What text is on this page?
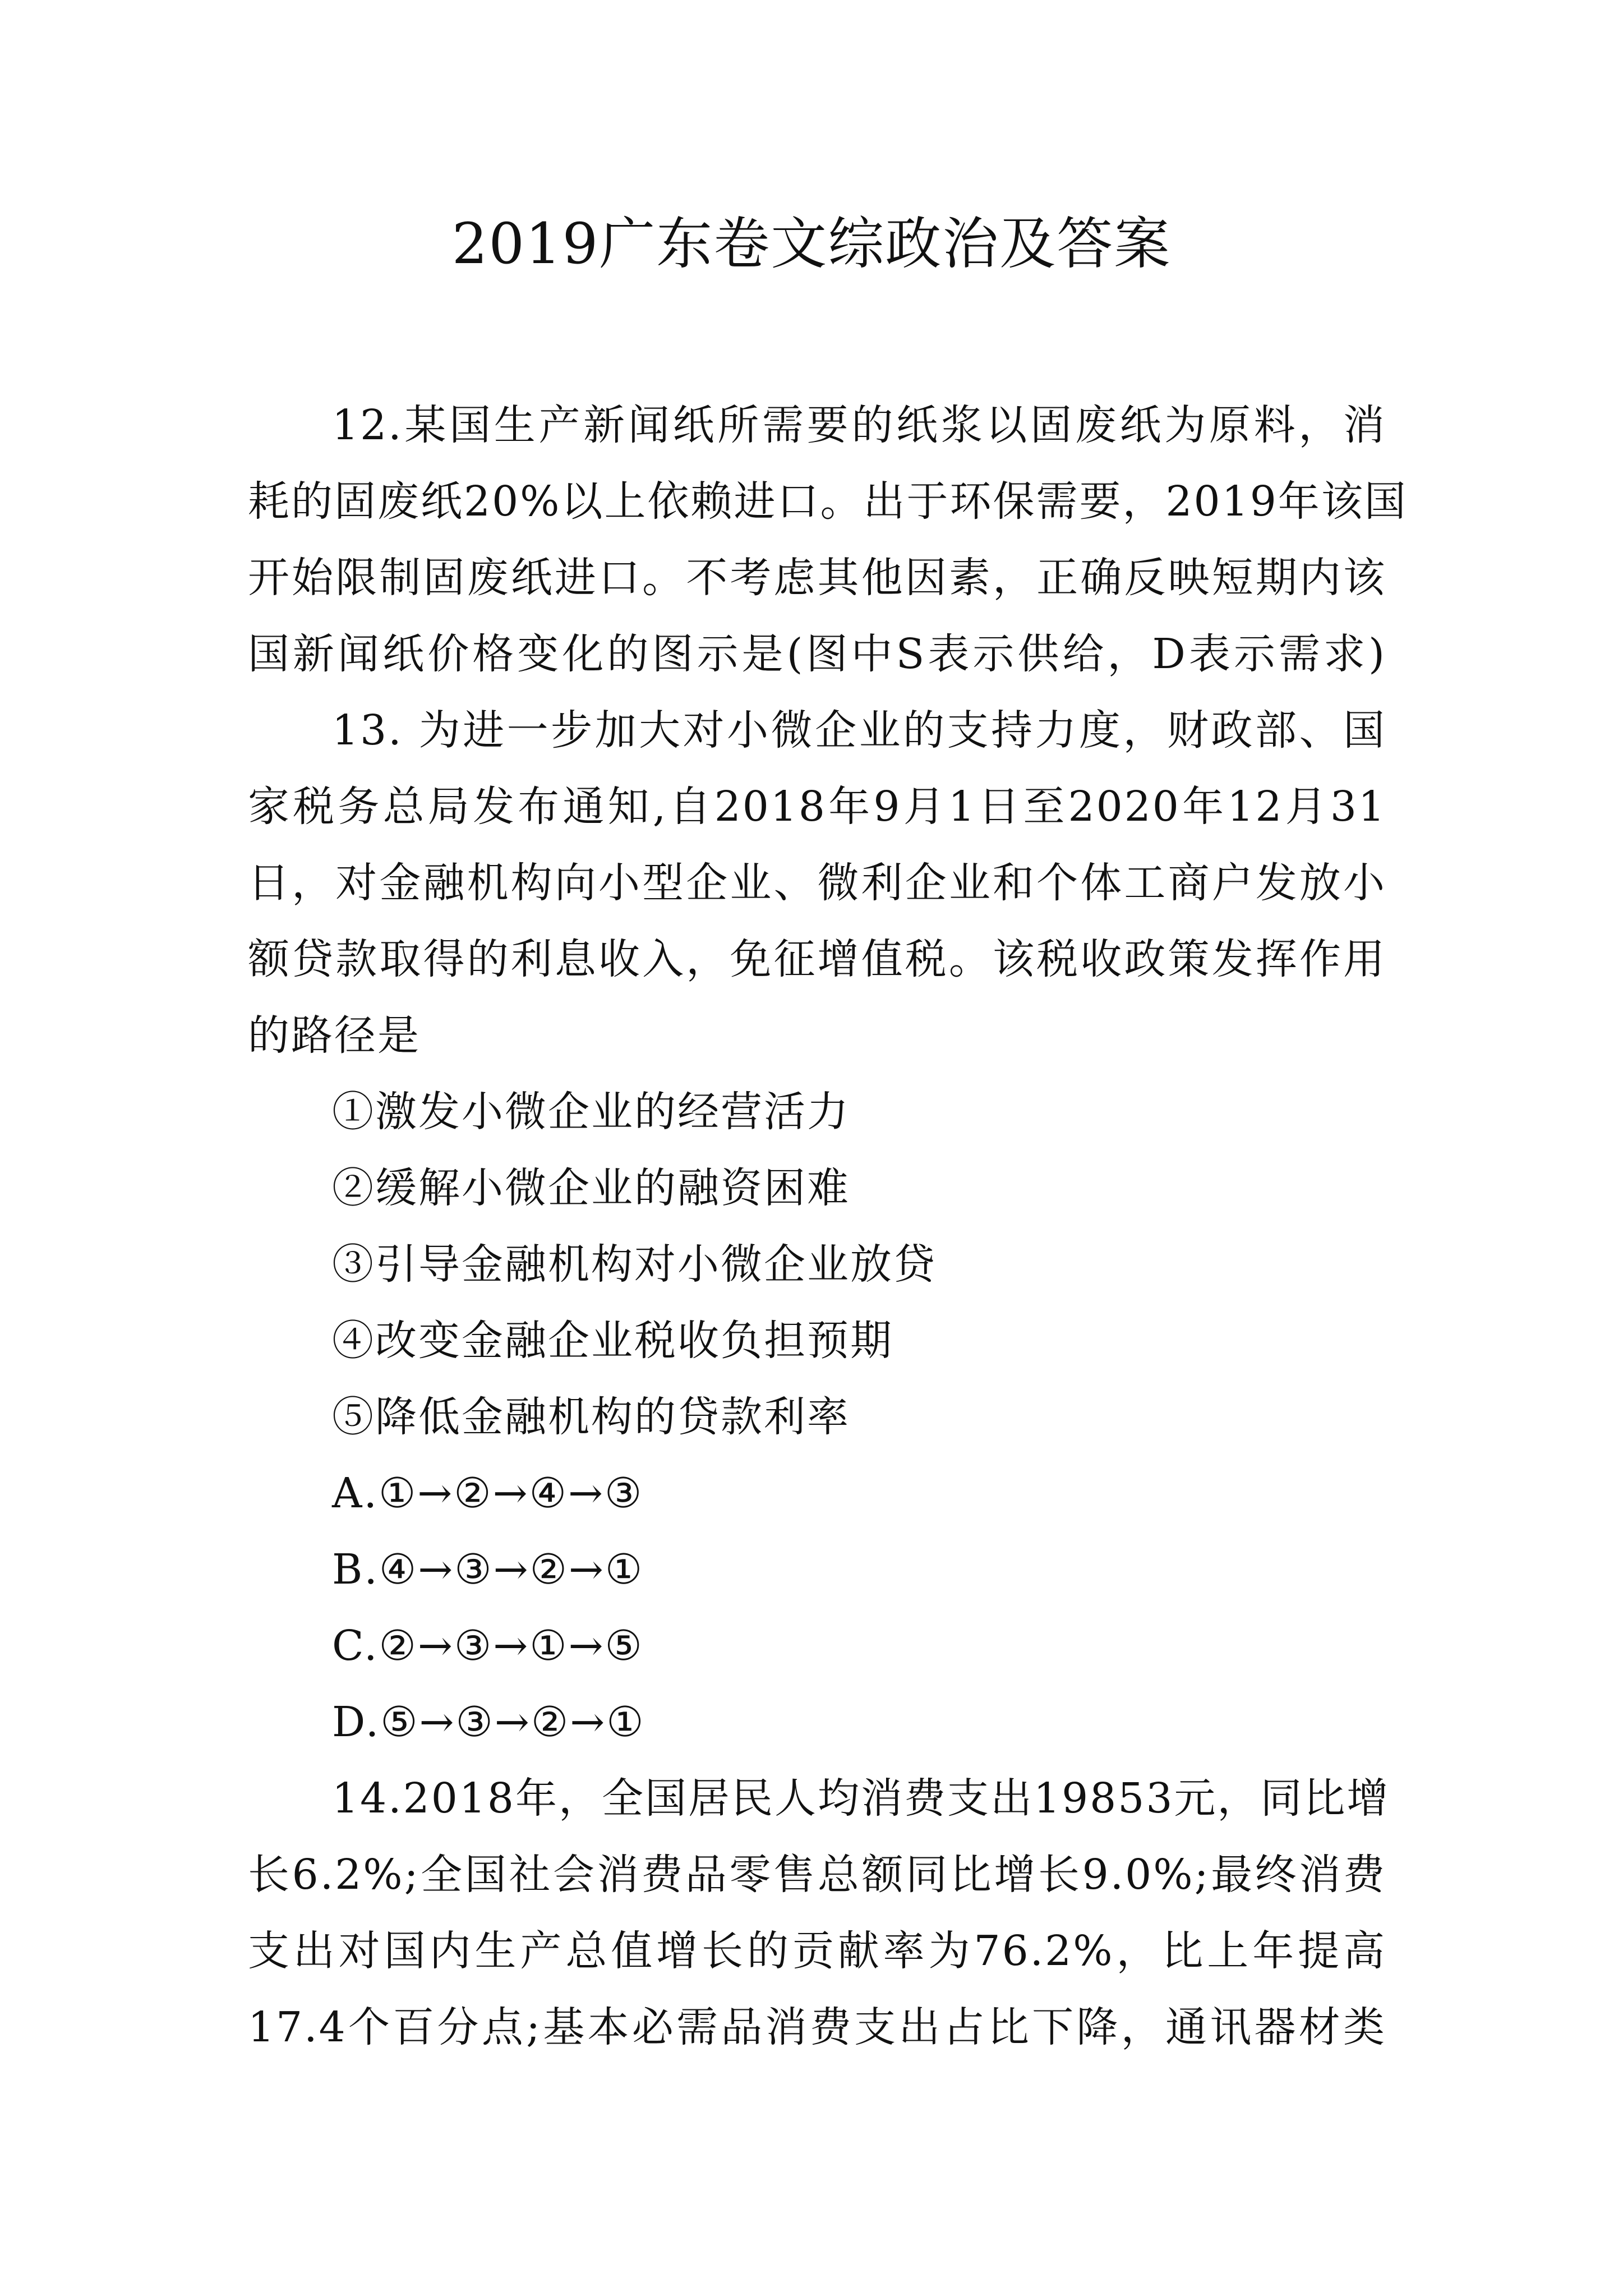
2019广东卷文综政治及答案
12.某国生产新闻纸所需要的纸浆以固废纸为原料，消
耗的固废纸20%以上依赖进口。出于环保需要，2019年该国
开始限制固废纸进口。不考虑其他因素，正确反映短期内该
国新闻纸价格变化的图示是(图中S表示供给，D表示需求)
13. 为进一步加大对小微企业的支持力度，财政部、国
家税务总局发布通知,自2018年9月1日至2020年12月31
日，对金融机构向小型企业、微利企业和个体工商户发放小
额贷款取得的利息收入，免征增值税。该税收政策发挥作用
的路径是
①激发小微企业的经营活力
②缓解小微企业的融资困难
③引导金融机构对小微企业放贷
④改变金融企业税收负担预期
⑤降低金融机构的贷款利率
A.①→②→④→③
B.④→③→②→①
C.②→③→①→⑤
D.⑤→③→②→①
14.2018年，全国居民人均消费支出19853元，同比增
长6.2%;全国社会消费品零售总额同比增长9.0%;最终消费
支出对国内生产总值增长的贡献率为76.2%，比上年提高
17.4个百分点;基本必需品消费支出占比下降，通讯器材类
